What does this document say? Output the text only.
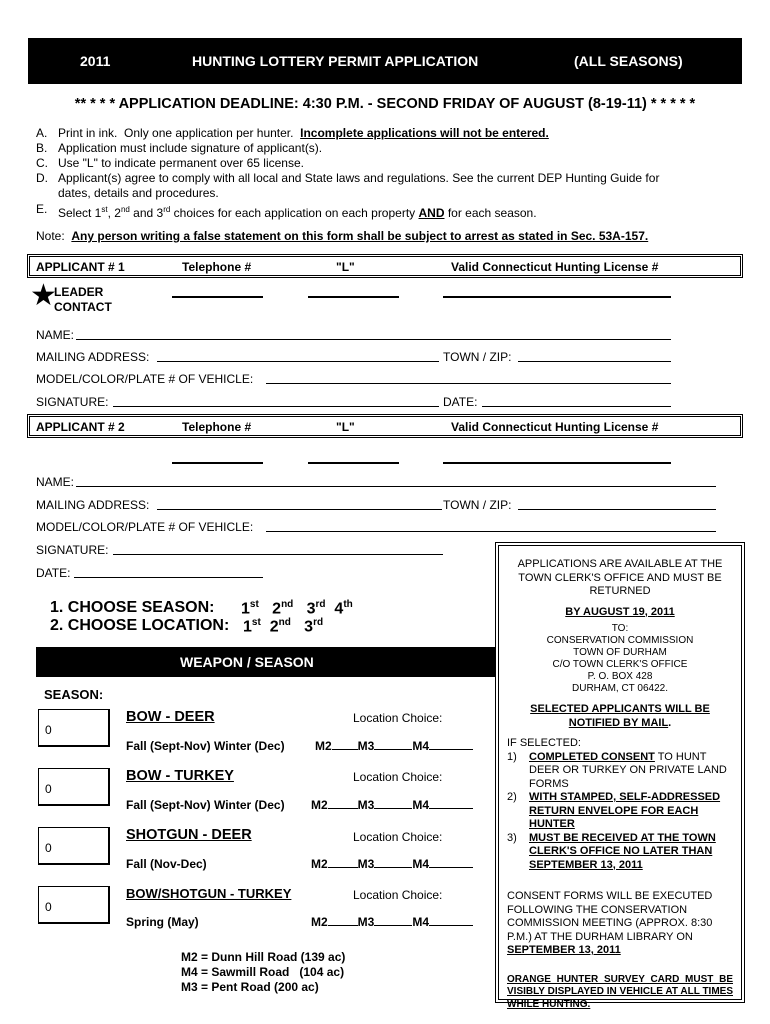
2011	HUNTING LOTTERY PERMIT APPLICATION	(ALL SEASONS)
** * * * APPLICATION DEADLINE: 4:30 P.M. - SECOND FRIDAY OF AUGUST (8-19-11) * * * * *
A. Print in ink.  Only one application per hunter. Incomplete applications will not be entered.
B. Application must include signature of applicant(s).
C. Use "L" to indicate permanent over 65 license.
D. Applicant(s) agree to comply with all local and State laws and regulations. See the current DEP Hunting Guide for
dates, details and procedures.
E. Select 1st, 2nd and 3rd choices for each application on each property AND for each season.
Note: Any person writing a false statement on this form shall be subject to arrest as stated in Sec. 53A-157.
APPLICANT # 1	Telephone #	"L"	Valid Connecticut Hunting License #
★
LEADER
CONTACT
NAME:
MAILING ADDRESS:	TOWN / ZIP:
MODEL/COLOR/PLATE # OF VEHICLE:
SIGNATURE:	DATE:
APPLICANT # 2	Telephone #	"L"	Valid Connecticut Hunting License #
NAME:
MAILING ADDRESS:	TOWN / ZIP:
MODEL/COLOR/PLATE # OF VEHICLE:
SIGNATURE:
DATE:
1. CHOOSE SEASON: 1st 2nd 3rd 4th
2. CHOOSE LOCATION: 1st 2nd 3rd
WEAPON / SEASON
SEASON:
0
BOW - DEER	Location Choice:
Fall (Sept-Nov) Winter (Dec)	M2 M3	M4
0
BOW - TURKEY	Location Choice:
Fall (Sept-Nov) Winter (Dec) M2	M3	M4
0
SHOTGUN - DEER	Location Choice:
Fall (Nov-Dec)	M2	M3	M4
0
BOW/SHOTGUN - TURKEY	Location Choice:
Spring (May)	M2	M3	M4
M2 = Dunn Hill Road (139 ac)
M4 = Sawmill Road   (104 ac)
M3 = Pent Road (200 ac)

APPLICATIONS ARE AVAILABLE AT THE TOWN CLERK'S OFFICE AND MUST BE RETURNED

BY AUGUST 19, 2011

TO:
CONSERVATION COMMISSION
TOWN OF DURHAM
C/O TOWN CLERK'S OFFICE
P. O. BOX 428
DURHAM, CT 06422.

SELECTED APPLICANTS WILL BE NOTIFIED BY MAIL.

IF SELECTED:

1)	COMPLETED CONSENT TO HUNT DEER OR TURKEY ON PRIVATE LAND FORMS
2)	WITH STAMPED, SELF-ADDRESSED RETURN ENVELOPE FOR EACH HUNTER
3)	MUST BE RECEIVED AT THE TOWN CLERK'S OFFICE NO LATER THAN SEPTEMBER 13, 2011

CONSENT FORMS WILL BE EXECUTED FOLLOWING THE CONSERVATION COMMISSION MEETING (APPROX. 8:30 P.M.) AT THE DURHAM LIBRARY ON SEPTEMBER 13, 2011

ORANGE HUNTER SURVEY CARD MUST BE VISIBLY DISPLAYED IN VEHICLE AT ALL TIMES WHILE HUNTING.
